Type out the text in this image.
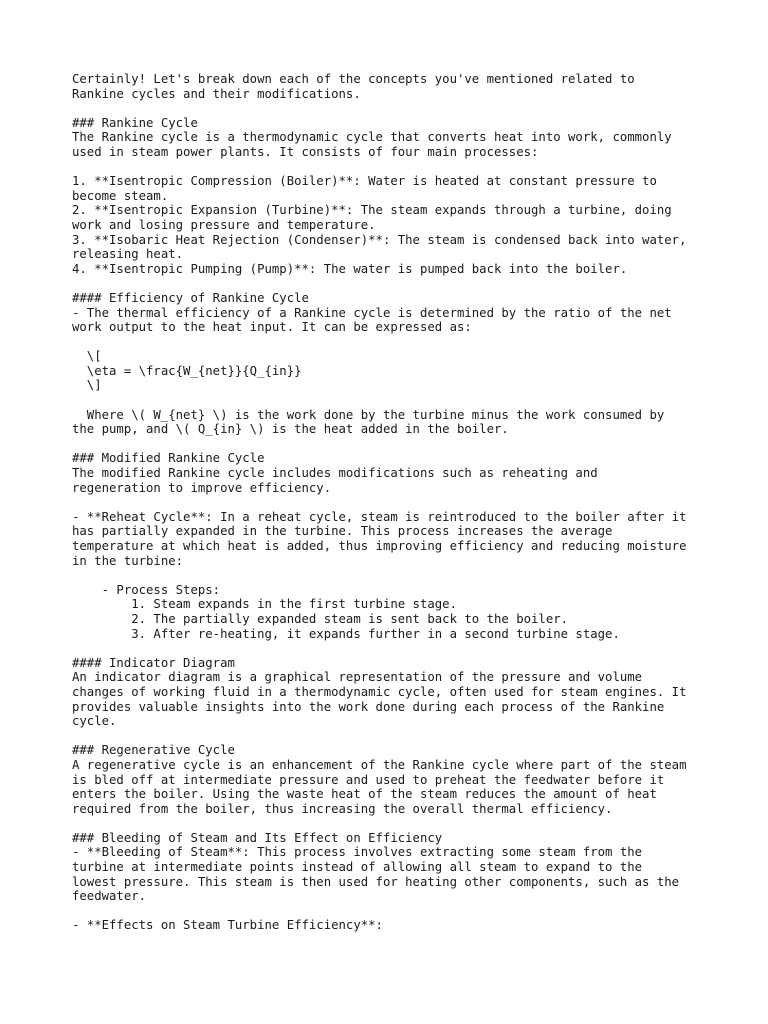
Certainly! Let's break down each of the concepts you've mentioned related to
Rankine cycles and their modifications.

### Rankine Cycle
The Rankine cycle is a thermodynamic cycle that converts heat into work, commonly
used in steam power plants. It consists of four main processes:

1. **Isentropic Compression (Boiler)**: Water is heated at constant pressure to
become steam.
2. **Isentropic Expansion (Turbine)**: The steam expands through a turbine, doing
work and losing pressure and temperature.
3. **Isobaric Heat Rejection (Condenser)**: The steam is condensed back into water,
releasing heat.
4. **Isentropic Pumping (Pump)**: The water is pumped back into the boiler.

#### Efficiency of Rankine Cycle
- The thermal efficiency of a Rankine cycle is determined by the ratio of the net
work output to the heat input. It can be expressed as:

\[
\eta = \frac{W_{net}}{Q_{in}}
\]

Where \( W_{net} \) is the work done by the turbine minus the work consumed by
the pump, and \( Q_{in} \) is the heat added in the boiler.

### Modified Rankine Cycle
The modified Rankine cycle includes modifications such as reheating and
regeneration to improve efficiency.

- **Reheat Cycle**: In a reheat cycle, steam is reintroduced to the boiler after it
has partially expanded in the turbine. This process increases the average
temperature at which heat is added, thus improving efficiency and reducing moisture
in the turbine:

- Process Steps:
1. Steam expands in the first turbine stage.
2. The partially expanded steam is sent back to the boiler.
3. After re-heating, it expands further in a second turbine stage.

#### Indicator Diagram
An indicator diagram is a graphical representation of the pressure and volume
changes of working fluid in a thermodynamic cycle, often used for steam engines. It
provides valuable insights into the work done during each process of the Rankine
cycle.

### Regenerative Cycle
A regenerative cycle is an enhancement of the Rankine cycle where part of the steam
is bled off at intermediate pressure and used to preheat the feedwater before it
enters the boiler. Using the waste heat of the steam reduces the amount of heat
required from the boiler, thus increasing the overall thermal efficiency.

### Bleeding of Steam and Its Effect on Efficiency
- **Bleeding of Steam**: This process involves extracting some steam from the
turbine at intermediate points instead of allowing all steam to expand to the
lowest pressure. This steam is then used for heating other components, such as the
feedwater.

- **Effects on Steam Turbine Efficiency**:
